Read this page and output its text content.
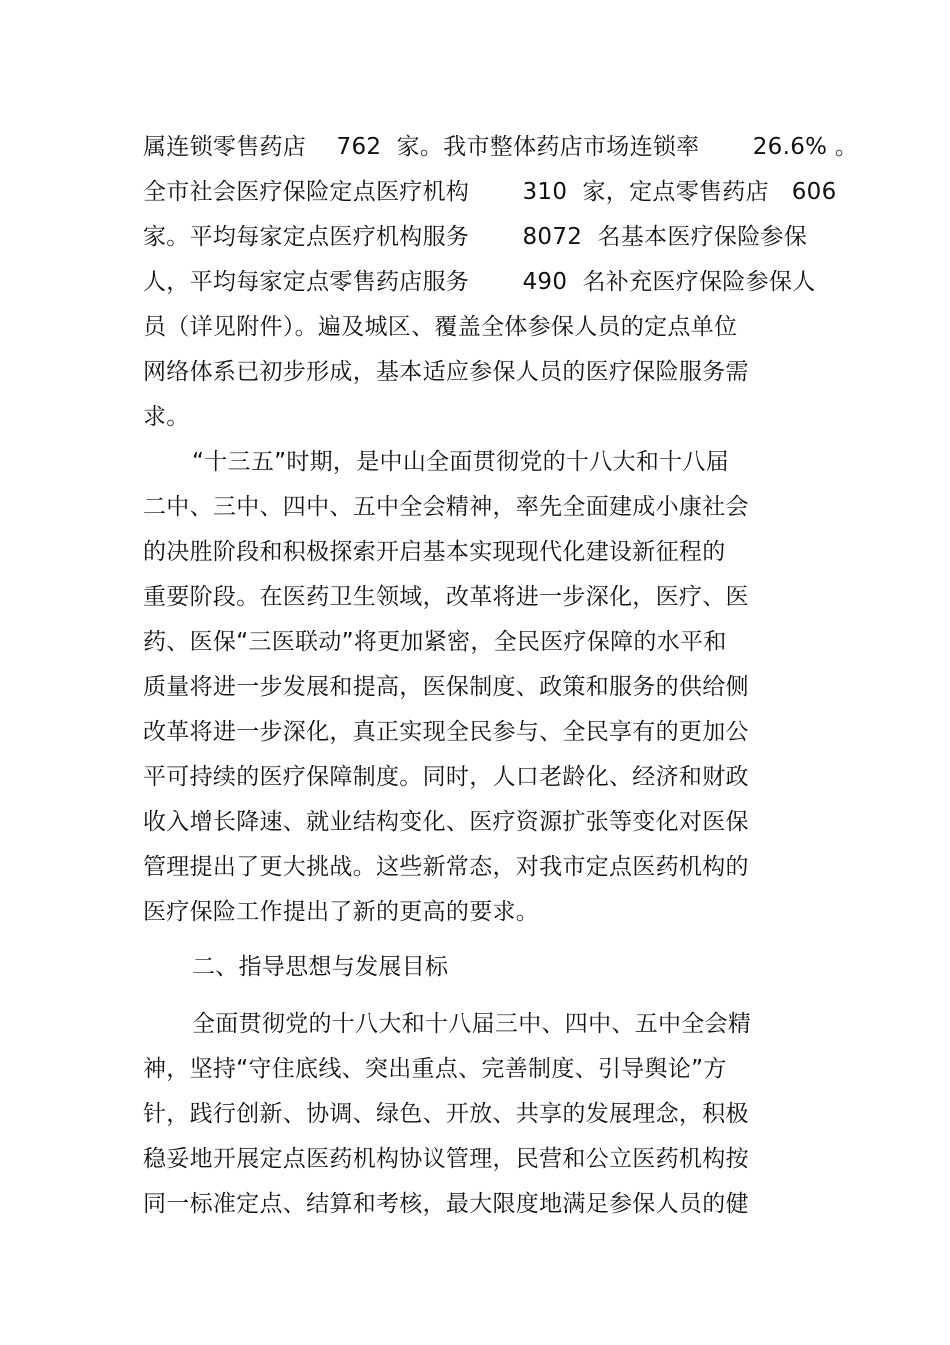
属连锁零售药店    762  家。我市整体药店市场连锁率       26.6% 。
全市社会医疗保险定点医疗机构       310  家，定点零售药店   606
家。平均每家定点医疗机构服务       8072  名基本医疗保险参保
人，平均每家定点零售药店服务       490  名补充医疗保险参保人
员（详见附件）。遍及城区、覆盖全体参保人员的定点单位
网络体系已初步形成，基本适应参保人员的医疗保险服务需
求。
“十三五”时期，是中山全面贯彻党的十八大和十八届
二中、三中、四中、五中全会精神，率先全面建成小康社会
的决胜阶段和积极探索开启基本实现现代化建设新征程的
重要阶段。在医药卫生领域，改革将进一步深化，医疗、医
药、医保“三医联动”将更加紧密，全民医疗保障的水平和
质量将进一步发展和提高，医保制度、政策和服务的供给侧
改革将进一步深化，真正实现全民参与、全民享有的更加公
平可持续的医疗保障制度。同时，人口老龄化、经济和财政
收入增长降速、就业结构变化、医疗资源扩张等变化对医保
管理提出了更大挑战。这些新常态，对我市定点医药机构的
医疗保险工作提出了新的更高的要求。
二、指导思想与发展目标
全面贯彻党的十八大和十八届三中、四中、五中全会精
神，坚持“守住底线、突出重点、完善制度、引导舆论”方
针，践行创新、协调、绿色、开放、共享的发展理念，积极
稳妥地开展定点医药机构协议管理，民营和公立医药机构按
同一标准定点、结算和考核，最大限度地满足参保人员的健
